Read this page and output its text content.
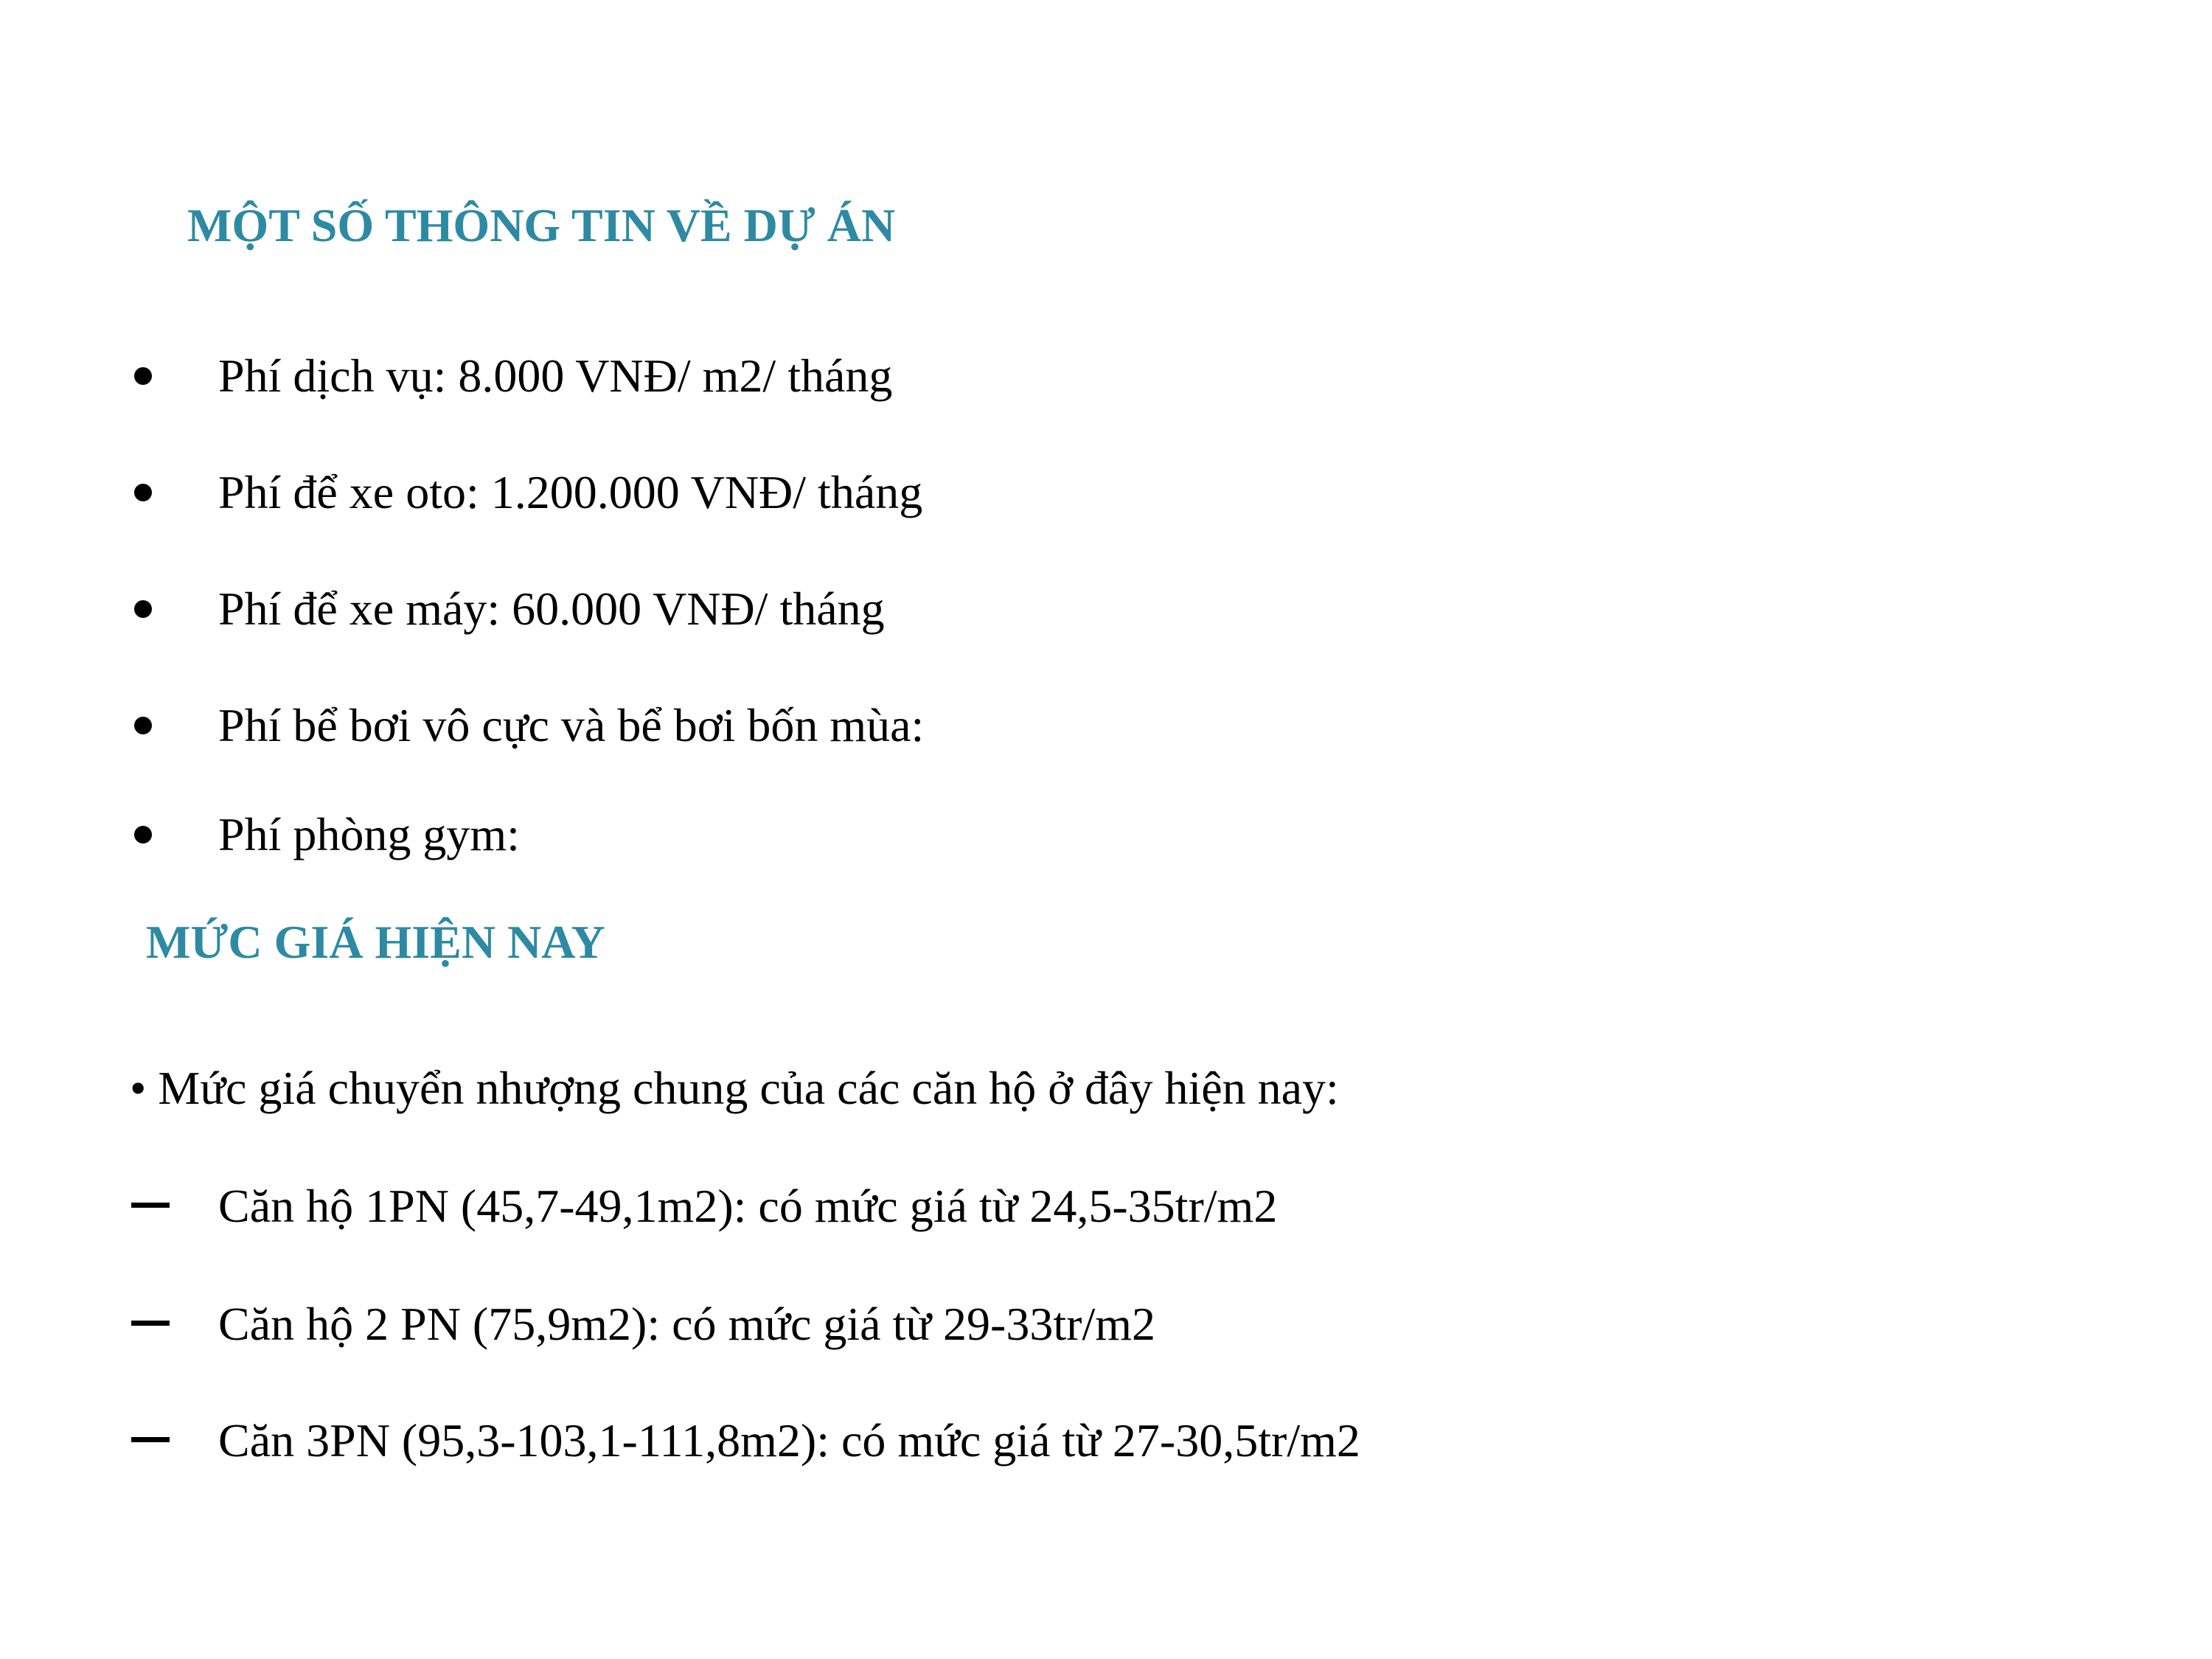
MỘT SỐ THÔNG TIN VỀ DỰ ÁN
Phí dịch vụ: 8.000 VNĐ/ m2/ tháng
Phí để xe oto: 1.200.000 VNĐ/ tháng
Phí để xe máy: 60.000 VNĐ/ tháng
Phí bể bơi vô cực và bể bơi bốn mùa:
Phí phòng gym:
MỨC GIÁ HIỆN NAY
• Mức giá chuyển nhượng chung của các căn hộ ở đây hiện nay:
Căn hộ 1PN (45,7-49,1m2): có mức giá từ 24,5-35tr/m2
Căn hộ 2 PN (75,9m2): có mức giá từ 29-33tr/m2
Căn 3PN (95,3-103,1-111,8m2): có mức giá từ 27-30,5tr/m2
